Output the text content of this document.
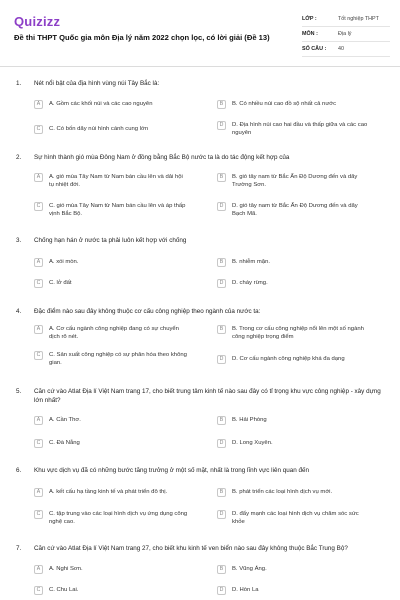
Quizizz
Đề thi THPT Quốc gia môn Địa lý năm 2022 chọn lọc, có lời giải (Đề 13)
LỚP :	Tốt nghiệp THPT
MÔN :	Địa lý
SỐ CÂU : 40
1. Nét nổi bật của địa hình vùng núi Tây Bắc là:
A	A. Gồm các khối núi và các cao nguyên	B	B. Có nhiều núi cao đồ sộ nhất cả nước
C	C. Có bốn dãy núi hình cánh cung lớn
D	D. Địa hình núi cao hai đầu và thấp giữa và các cao nguyên
2. Sự hình thành gió mùa Đông Nam ở đồng bằng Bắc Bộ nước ta là do tác động kết hợp của
A	A. gió mùa Tây Nam từ Nam bán cầu lên và dải hội tụ nhiệt đới.
B	B. gió tây nam từ Bắc Ấn Độ Dương đến và dãy Trường Sơn.
C	C. gió mùa Tây Nam từ Nam bán cầu lên và áp thấp vịnh Bắc Bộ.
D	D. gió tây nam từ Bắc Ấn Độ Dương đến và dãy Bạch Mã.
3. Chống hạn hán ở nước ta phải luôn kết hợp với chống
A	A. xói mòn.	B	B. nhiễm mặn.
C	C. lở đất	D	D. cháy rừng.
4. Đặc điểm nào sau đây không thuộc cơ cấu công nghiệp theo ngành của nước ta:
A	A. Cơ cấu ngành công nghiệp đang có sự chuyển dịch rõ nét.
B	B. Trong cơ cấu công nghiệp nổi lên một số ngành công nghiệp trọng điểm
C	C. Sản xuất công nghiệp có sự phân hóa theo không gian.
D	D. Cơ cấu ngành công nghiệp khá đa dạng
5. Căn cứ vào Atlat Địa lí Việt Nam trang 17, cho biết trung tâm kinh tế nào sau đây có tỉ trọng khu vực công nghiệp - xây dựng lớn nhất?
A	A. Cần Thơ.	B	B. Hải Phòng
C	C. Đà Nẵng	D	D. Long Xuyên.
6. Khu vực dịch vụ đã có những bước tăng trưởng ở một số mặt, nhất là trong lĩnh vực liên quan đến
A	A. kết cấu hạ tầng kinh tế và phát triển đô thị.	B	B. phát triển các loại hình dịch vụ mới.
C	C. tập trung vào các loại hình dịch vụ ứng dụng công nghệ cao.
D	D. đẩy mạnh các loại hình dịch vụ chăm sóc sức khỏe
7. Căn cứ vào Atlat Địa lí Việt Nam trang 27, cho biết khu kinh tế ven biển nào sau đây không thuộc Bắc Trung Bộ?
A	A. Nghi Sơn.	B	B. Vũng Áng.
C	C. Chu Lai.	D	D. Hòn La
